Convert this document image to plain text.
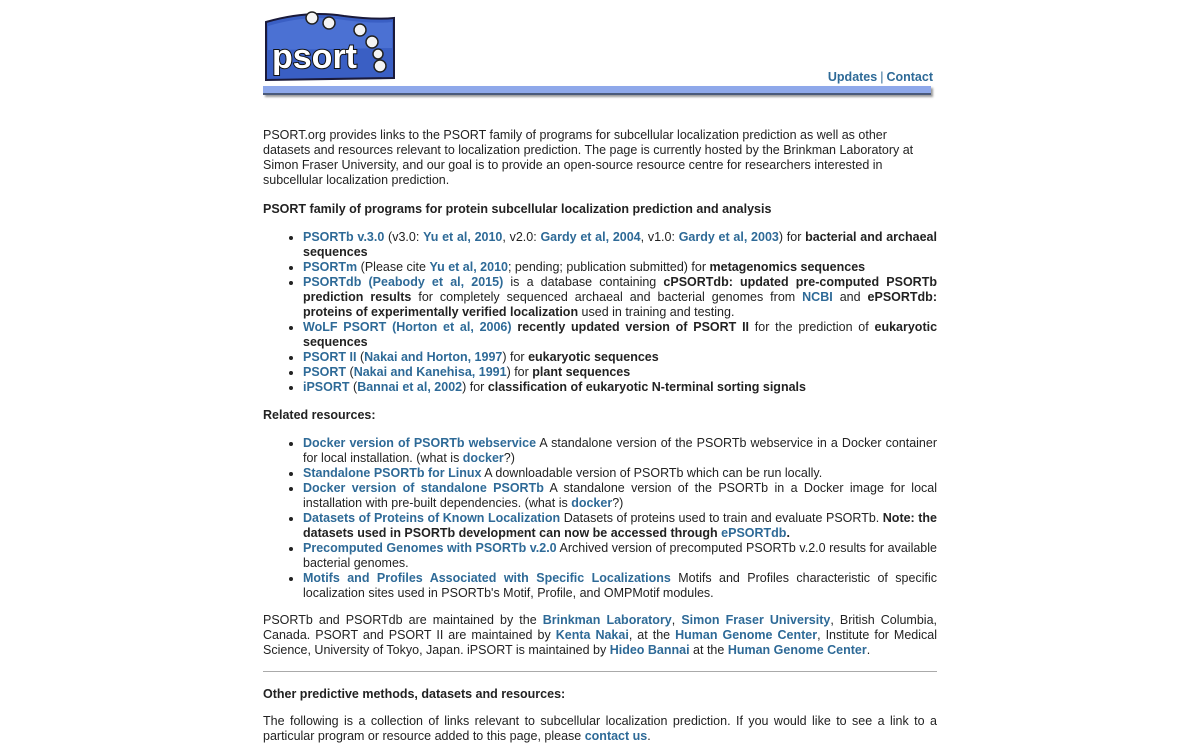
psort
Updates | Contact

PSORT.org provides links to the PSORT family of programs for subcellular localization prediction as well as other datasets and resources relevant to localization prediction. The page is currently hosted by the Brinkman Laboratory at Simon Fraser University, and our goal is to provide an open-source resource centre for researchers interested in subcellular localization prediction.

PSORT family of programs for protein subcellular localization prediction and analysis
• PSORTb v.3.0 (v3.0: Yu et al, 2010, v2.0: Gardy et al, 2004, v1.0: Gardy et al, 2003) for bacterial and archaeal sequences
• PSORTm (Please cite Yu et al, 2010; pending; publication submitted) for metagenomics sequences
• PSORTdb (Peabody et al, 2015) is a database containing cPSORTdb: updated pre-computed PSORTb prediction results for completely sequenced archaeal and bacterial genomes from NCBI and ePSORTdb: proteins of experimentally verified localization used in training and testing.
• WoLF PSORT (Horton et al, 2006) recently updated version of PSORT II for the prediction of eukaryotic sequences
• PSORT II (Nakai and Horton, 1997) for eukaryotic sequences
• PSORT (Nakai and Kanehisa, 1991) for plant sequences
• iPSORT (Bannai et al, 2002) for classification of eukaryotic N-terminal sorting signals
Related resources:
• Docker version of PSORTb webservice A standalone version of the PSORTb webservice in a Docker container for local installation. (what is docker?)
• Standalone PSORTb for Linux A downloadable version of PSORTb which can be run locally.
• Docker version of standalone PSORTb A standalone version of the PSORTb in a Docker image for local installation with pre-built dependencies. (what is docker?)
• Datasets of Proteins of Known Localization Datasets of proteins used to train and evaluate PSORTb. Note: the datasets used in PSORTb development can now be accessed through ePSORTdb.
• Precomputed Genomes with PSORTb v.2.0 Archived version of precomputed PSORTb v.2.0 results for available bacterial genomes.
• Motifs and Profiles Associated with Specific Localizations Motifs and Profiles characteristic of specific localization sites used in PSORTb's Motif, Profile, and OMPMotif modules.

PSORTb and PSORTdb are maintained by the Brinkman Laboratory, Simon Fraser University, British Columbia, Canada. PSORT and PSORT II are maintained by Kenta Nakai, at the Human Genome Center, Institute for Medical Science, University of Tokyo, Japan. iPSORT is maintained by Hideo Bannai at the Human Genome Center.

Other predictive methods, datasets and resources:

The following is a collection of links relevant to subcellular localization prediction. If you would like to see a link to a particular program or resource added to this page, please contact us.
